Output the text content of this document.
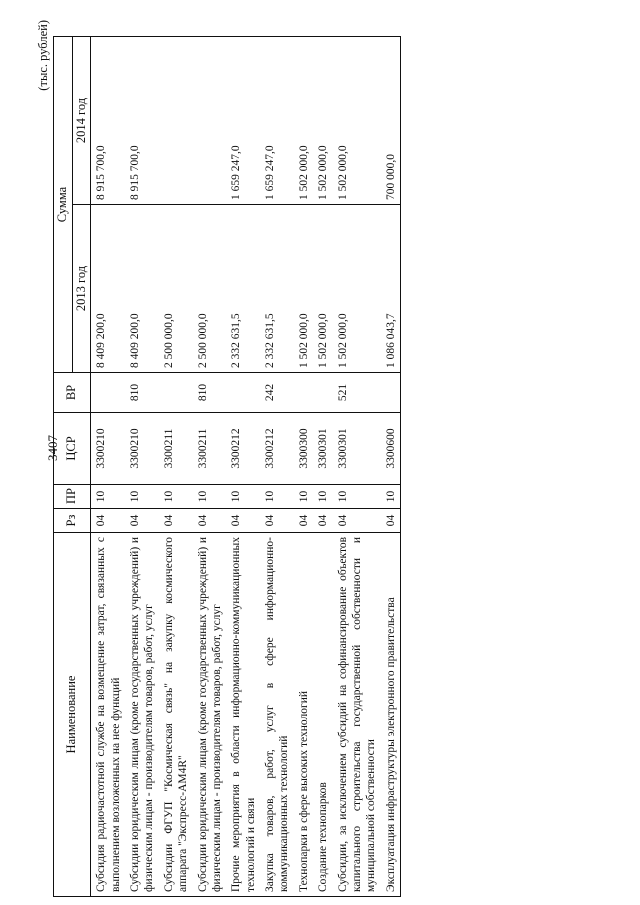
3407
(тыс. рублей)
Наименование	Рз	ПР	ЦСР	ВР	Сумма	
					2013 год	2014 год
Субсидия радиочастотной службе на возмещение затрат, связанных с выполнением возложенных на нее функций	04	10	3300210		8 409 200,0	8 915 700,0
Субсидии юридическим лицам (кроме государственных учреждений) и физическим лицам - производителям товаров, работ, услуг	04	10	3300210	810	8 409 200,0	8 915 700,0
Субсидии ФГУП "Космическая связь" на закупку космического аппарата "Экспресс-АМ4R"	04	10	3300211		2 500 000,0	
Субсидии юридическим лицам (кроме государственных учреждений) и физическим лицам - производителям товаров, работ, услуг	04	10	3300211	810	2 500 000,0	
Прочие мероприятия в области информационно-коммуникационных технологий и связи	04	10	3300212		2 332 631,5	1 659 247,0
Закупка товаров, работ, услуг в сфере информационно-коммуникационных технологий	04	10	3300212	242	2 332 631,5	1 659 247,0
Технопарки в сфере высоких технологий	04	10	3300300		1 502 000,0	1 502 000,0
Создание технопарков	04	10	3300301		1 502 000,0	1 502 000,0
Субсидии, за исключением субсидий на софинансирование объектов капитального строительства государственной собственности и муниципальной собственности	04	10	3300301	521	1 502 000,0	1 502 000,0
Эксплуатация инфраструктуры электронного правительства	04	10	3300600		1 086 043,7	700 000,0
